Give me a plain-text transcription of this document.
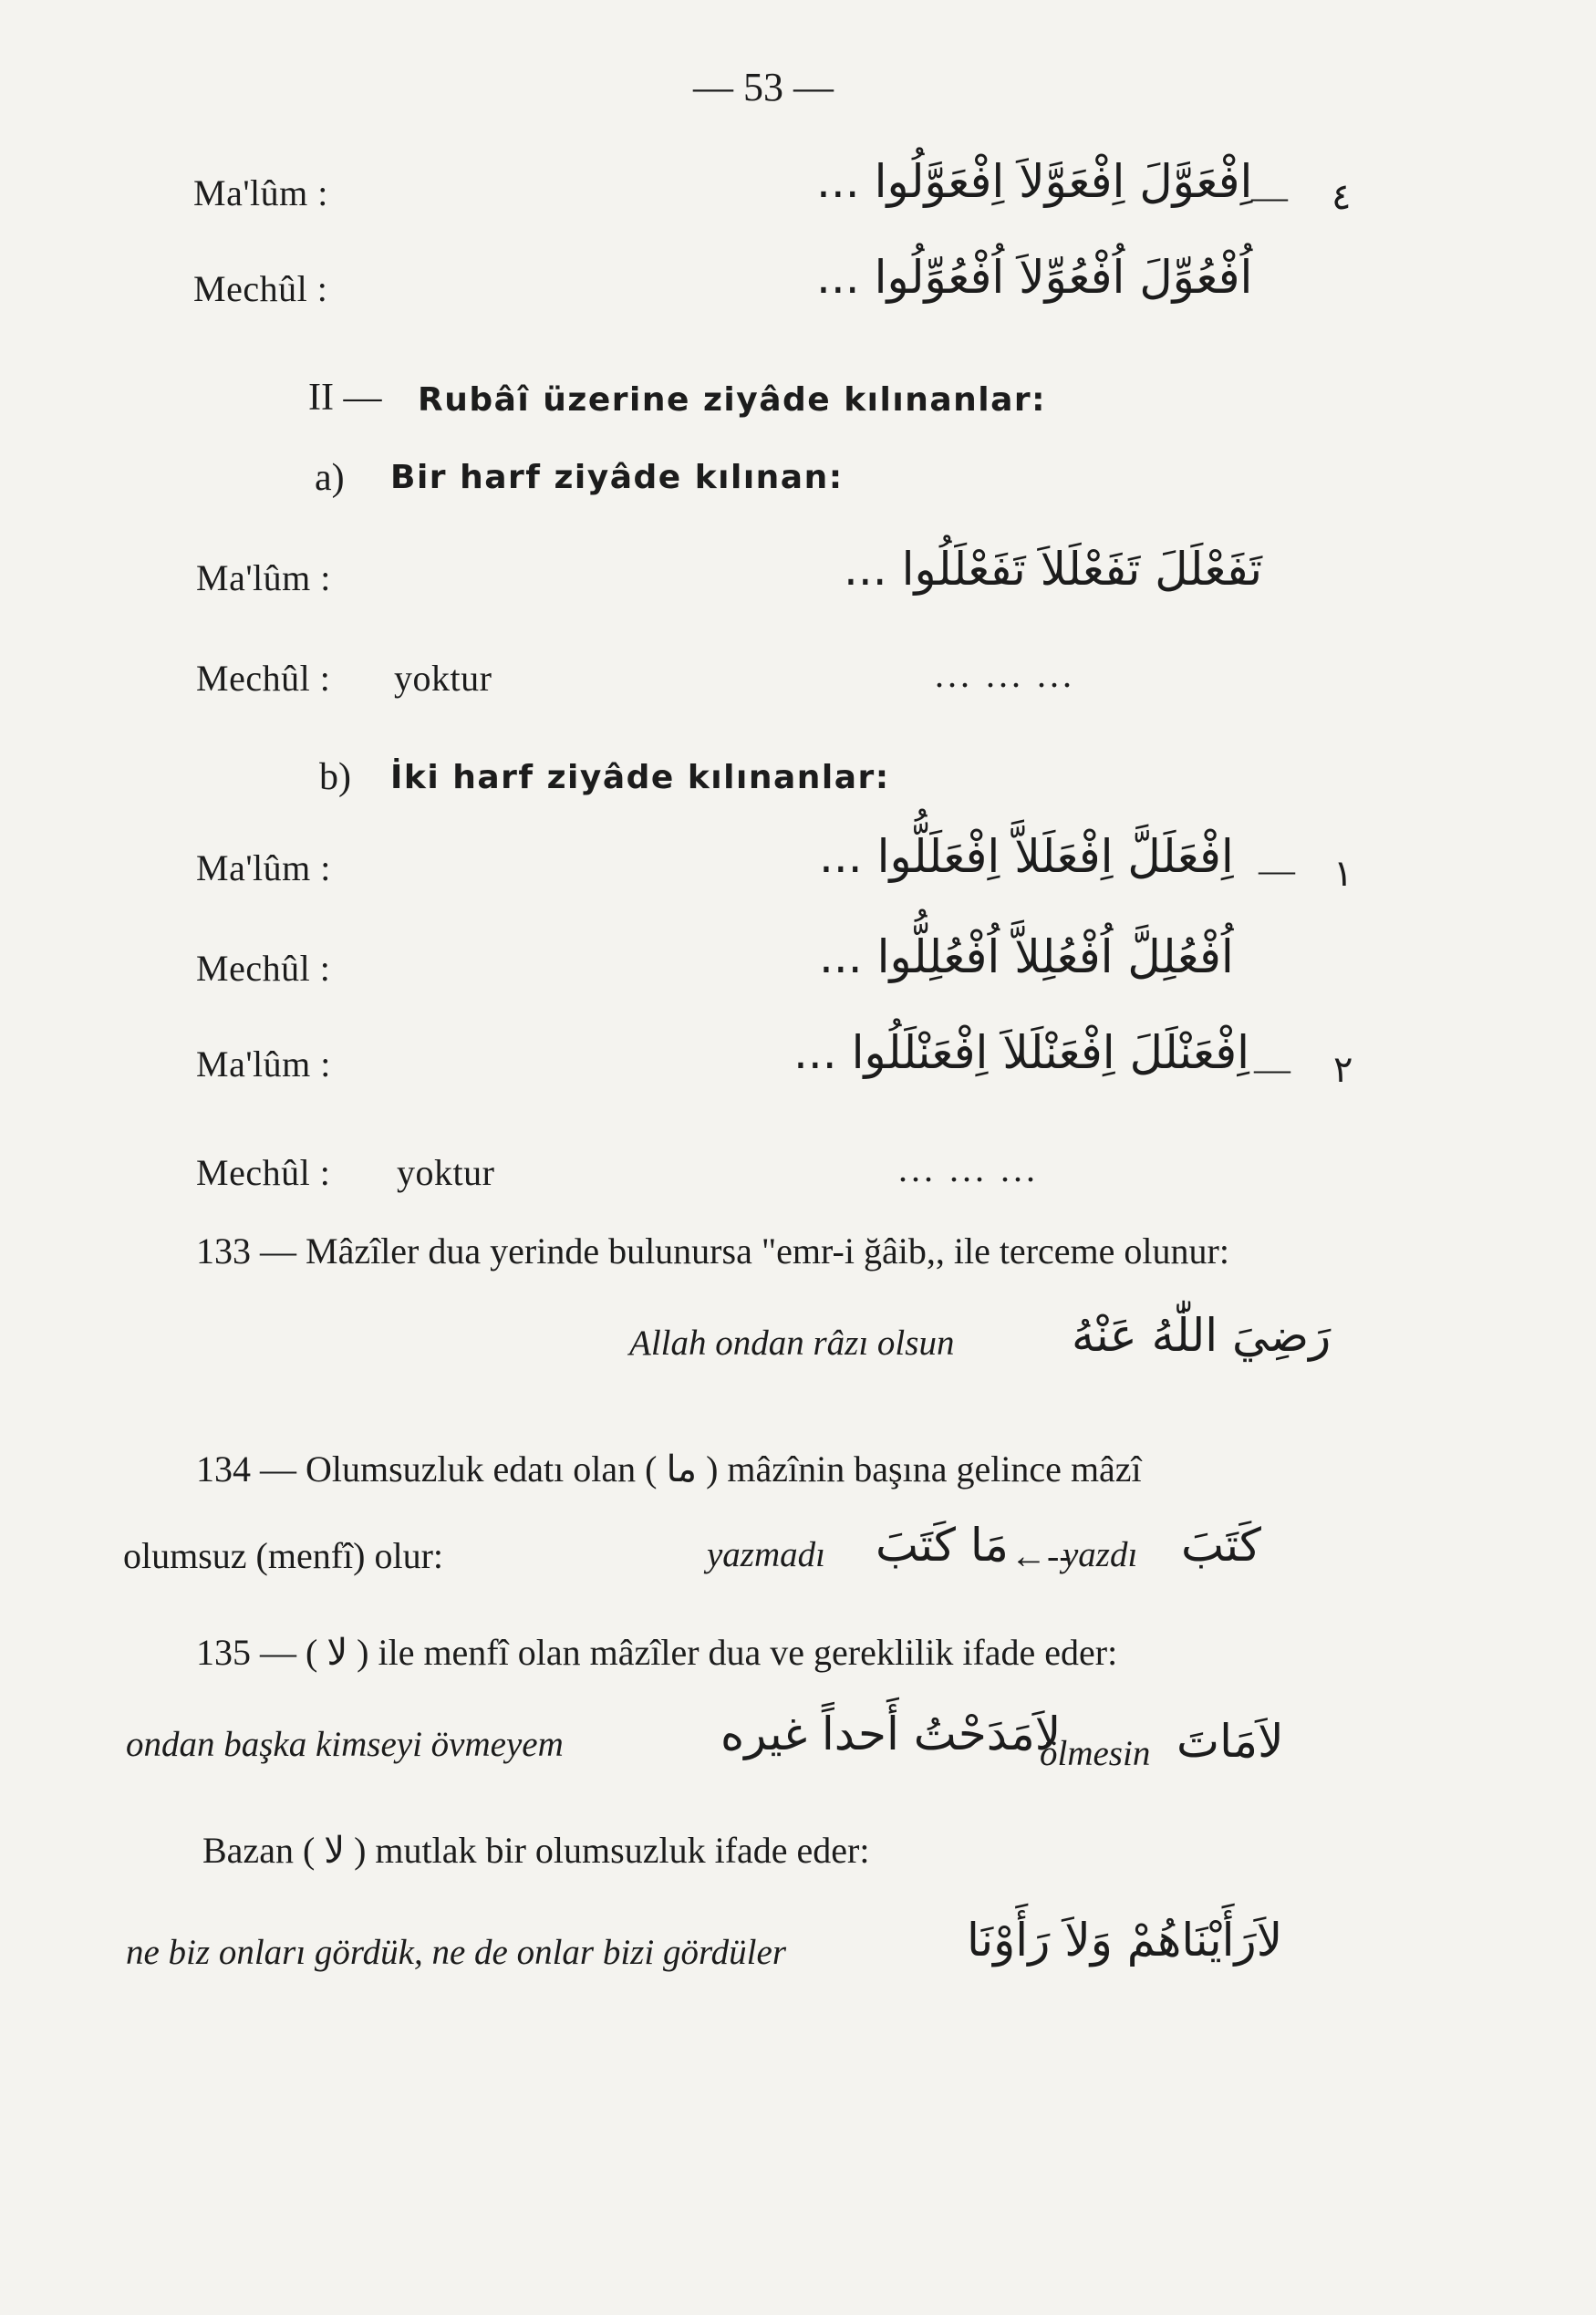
— 53 —
Ma'lûm :	اِفْعَوَّلَ اِفْعَوَّلاَ اِفْعَوَّلُوا ...
— ٤
Mechûl :	اُفْعُوِّلَ اُفْعُوِّلاَ اُفْعُوِّلُوا ...
II — Rubâî üzerine ziyâde kılınanlar:
a) Bir harf ziyâde kılınan:
Ma'lûm :	تَفَعْلَلَ تَفَعْلَلاَ تَفَعْلَلُوا ...
Mechûl : yoktur	... ... ...
b) İki harf ziyâde kılınanlar:
Ma'lûm :	اِفْعَلَلَّ اِفْعَلَلاَّ اِفْعَلَلُّوا ... — ١
Mechûl :	اُفْعُلِلَّ اُفْعُلِلاَّ اُفْعُلِلُّوا ...
Ma'lûm :	اِفْعَنْلَلَ اِفْعَنْلَلاَ اِفْعَنْلَلُوا ... — ٢
Mechûl : yoktur	... ... ...
133 — Mâzîler dua yerinde bulunursa "emr-i ğâib,, ile terceme olunur:
Allah ondan râzı olsun	رَضِيَ اللّٰهُ عَنْهُ
134 — Olumsuzluk edatı olan ( ما ) mâzînin başına gelince mâzî
olumsuz (menfî) olur:	yazmadı مَا كَتَبَ ←--
yazdı كَتَبَ
135 — ( لا ) ile menfî olan mâzîler dua ve gereklilik ifade eder:
ondan başka kimseyi övmeyem	لاَمَدَحْتُ أَحداً غيره
ölmesin لاَمَاتَ
Bazan ( لا ) mutlak bir olumsuzluk ifade eder:
ne biz onları gördük, ne de onlar bizi gördüler	لاَرَأَيْنَاهُمْ وَلاَ رَأَوْنَا
